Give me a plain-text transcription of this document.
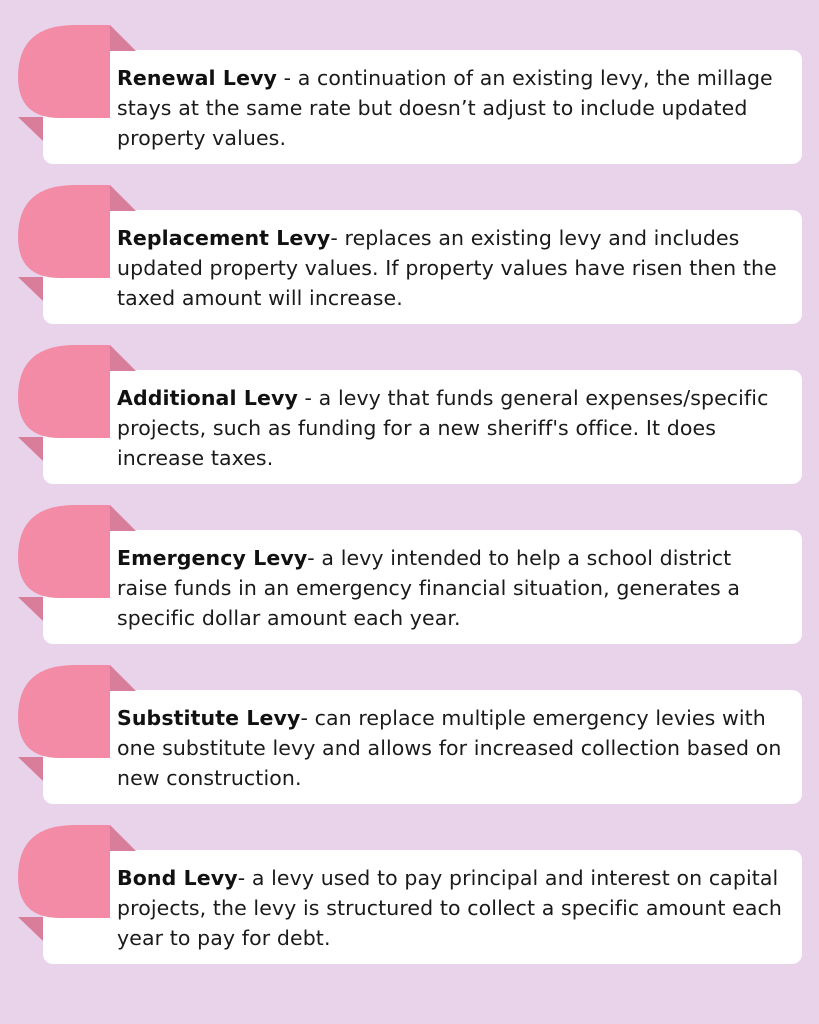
Renewal Levy - a continuation of an existing levy, the millage stays at the same rate but doesn’t adjust to include updated property values.
Replacement Levy- replaces an existing levy and includes updated property values. If property values have risen then the taxed amount will increase.
Additional Levy - a levy that funds general expenses/specific projects, such as funding for a new sheriff's office. It does increase taxes.
Emergency Levy- a levy intended to help a school district raise funds in an emergency financial situation, generates a specific dollar amount each year.
Substitute Levy- can replace multiple emergency levies with one substitute levy and allows for increased collection based on new construction.
Bond Levy- a levy used to pay principal and interest on capital projects, the levy is structured to collect a specific amount each year to pay for debt.
